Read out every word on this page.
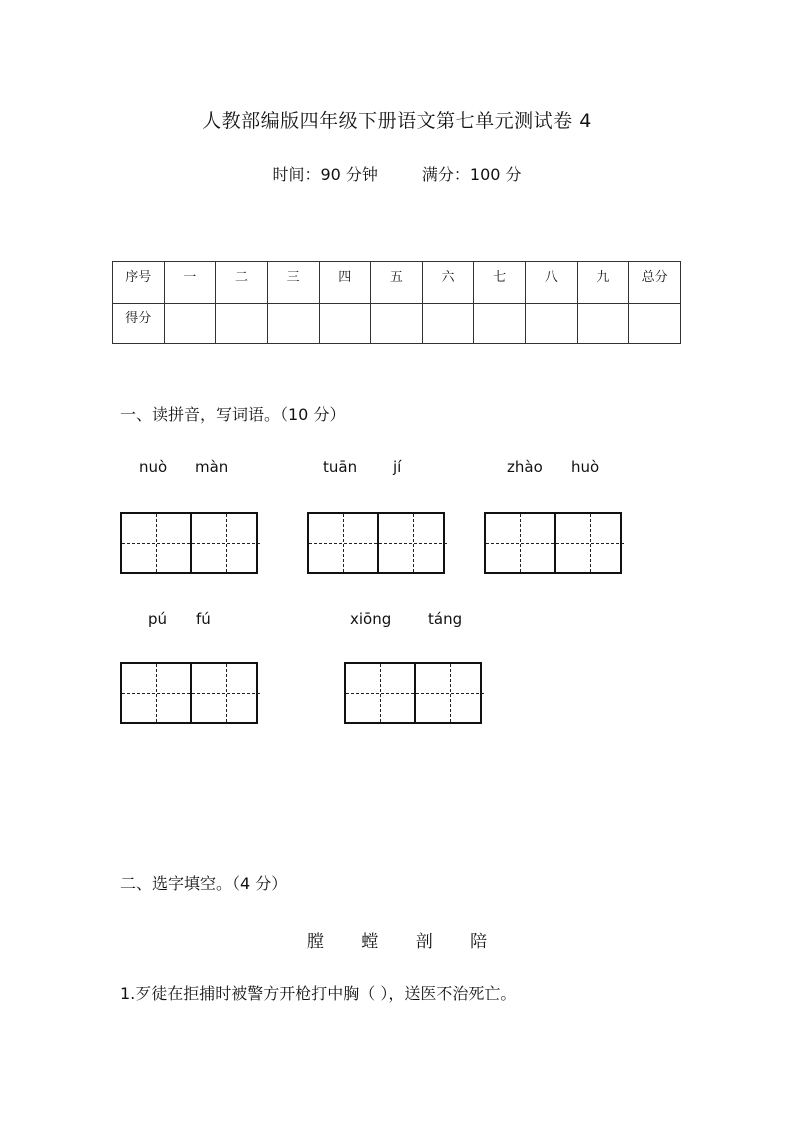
人教部编版四年级下册语文第七单元测试卷 4
时间：90 分钟	满分：100 分
序号	一	二	三	四	五	六	七	八	九	总分
得分										
一、读拼音，写词语。（10 分）
nuò màn	tuān jí	zhào huò
pú fú	xiōng táng
二、选字填空。（4 分）
膛 螳 剖 陪
1.歹徒在拒捕时被警方开枪打中胸（ ），送医不治死亡。
